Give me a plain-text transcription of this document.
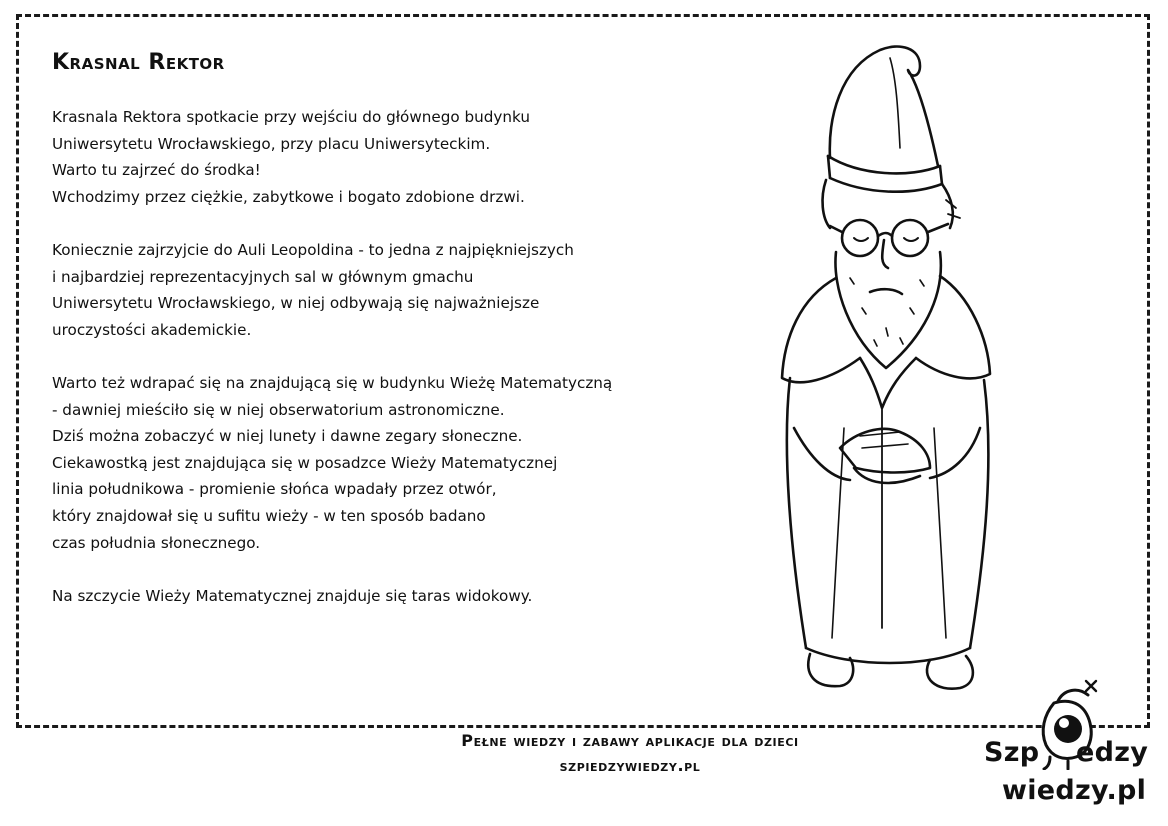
Krasnal Rektor

Krasnala Rektora spotkacie przy wejściu do głównego budynku
Uniwersytetu Wrocławskiego, przy placu Uniwersyteckim.
Warto tu zajrzeć do środka!
Wchodzimy przez ciężkie, zabytkowe i bogato zdobione drzwi.

Koniecznie zajrzyjcie do Auli Leopoldina - to jedna z najpiękniejszych
i najbardziej reprezentacyjnych sal w głównym gmachu
Uniwersytetu Wrocławskiego, w niej odbywają się najważniejsze
uroczystości akademickie.

Warto też wdrapać się na znajdującą się w budynku Wieżę Matematyczną
- dawniej mieściło się w niej obserwatorium astronomiczne.
Dziś można zobaczyć w niej lunety i dawne zegary słoneczne.
Ciekawostką jest znajdująca się w posadzce Wieży Matematycznej
linia południkowa - promienie słońca wpadały przez otwór,
który znajdował się u sufitu wieży - w ten sposób badano
czas południa słonecznego.

Na szczycie Wieży Matematycznej znajduje się taras widokowy.

Pełne wiedzy i zabawy aplikacje dla dzieci
szpiedzywiedzy.pl	Szp edzy
wiedzy.pl
